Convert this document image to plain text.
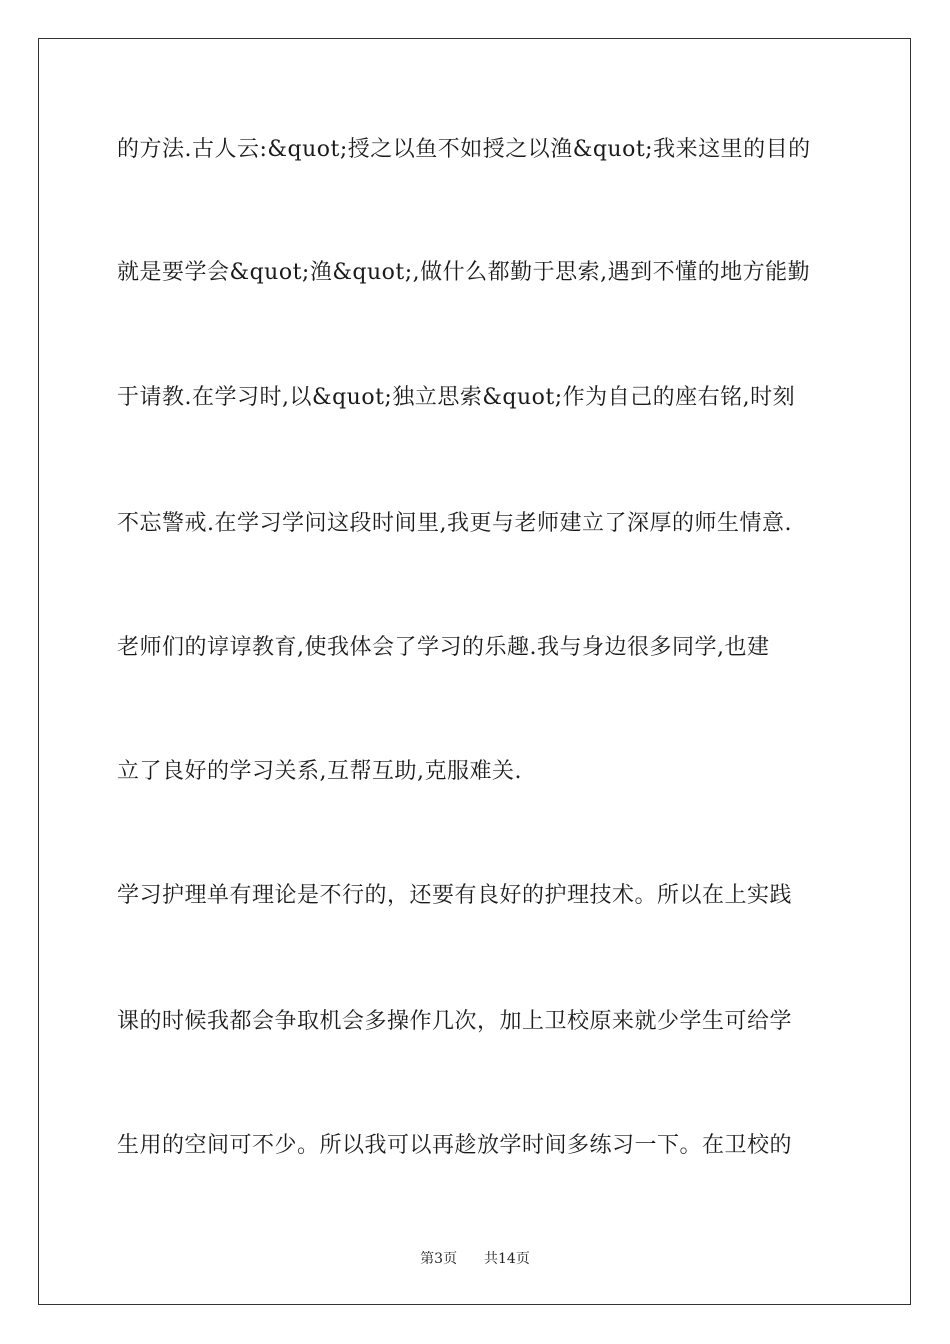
的方法.古人云:&quot;授之以鱼不如授之以渔&quot;我来这里的目的
就是要学会&quot;渔&quot;,做什么都勤于思索,遇到不懂的地方能勤
于请教.在学习时,以&quot;独立思索&quot;作为自己的座右铭,时刻
不忘警戒.在学习学问这段时间里,我更与老师建立了深厚的师生情意.
老师们的谆谆教育,使我体会了学习的乐趣.我与身边很多同学,也建
立了良好的学习关系,互帮互助,克服难关.
学习护理单有理论是不行的，还要有良好的护理技术。所以在上实践
课的时候我都会争取机会多操作几次，加上卫校原来就少学生可给学
生用的空间可不少。所以我可以再趁放学时间多练习一下。在卫校的
第3页 共14页
